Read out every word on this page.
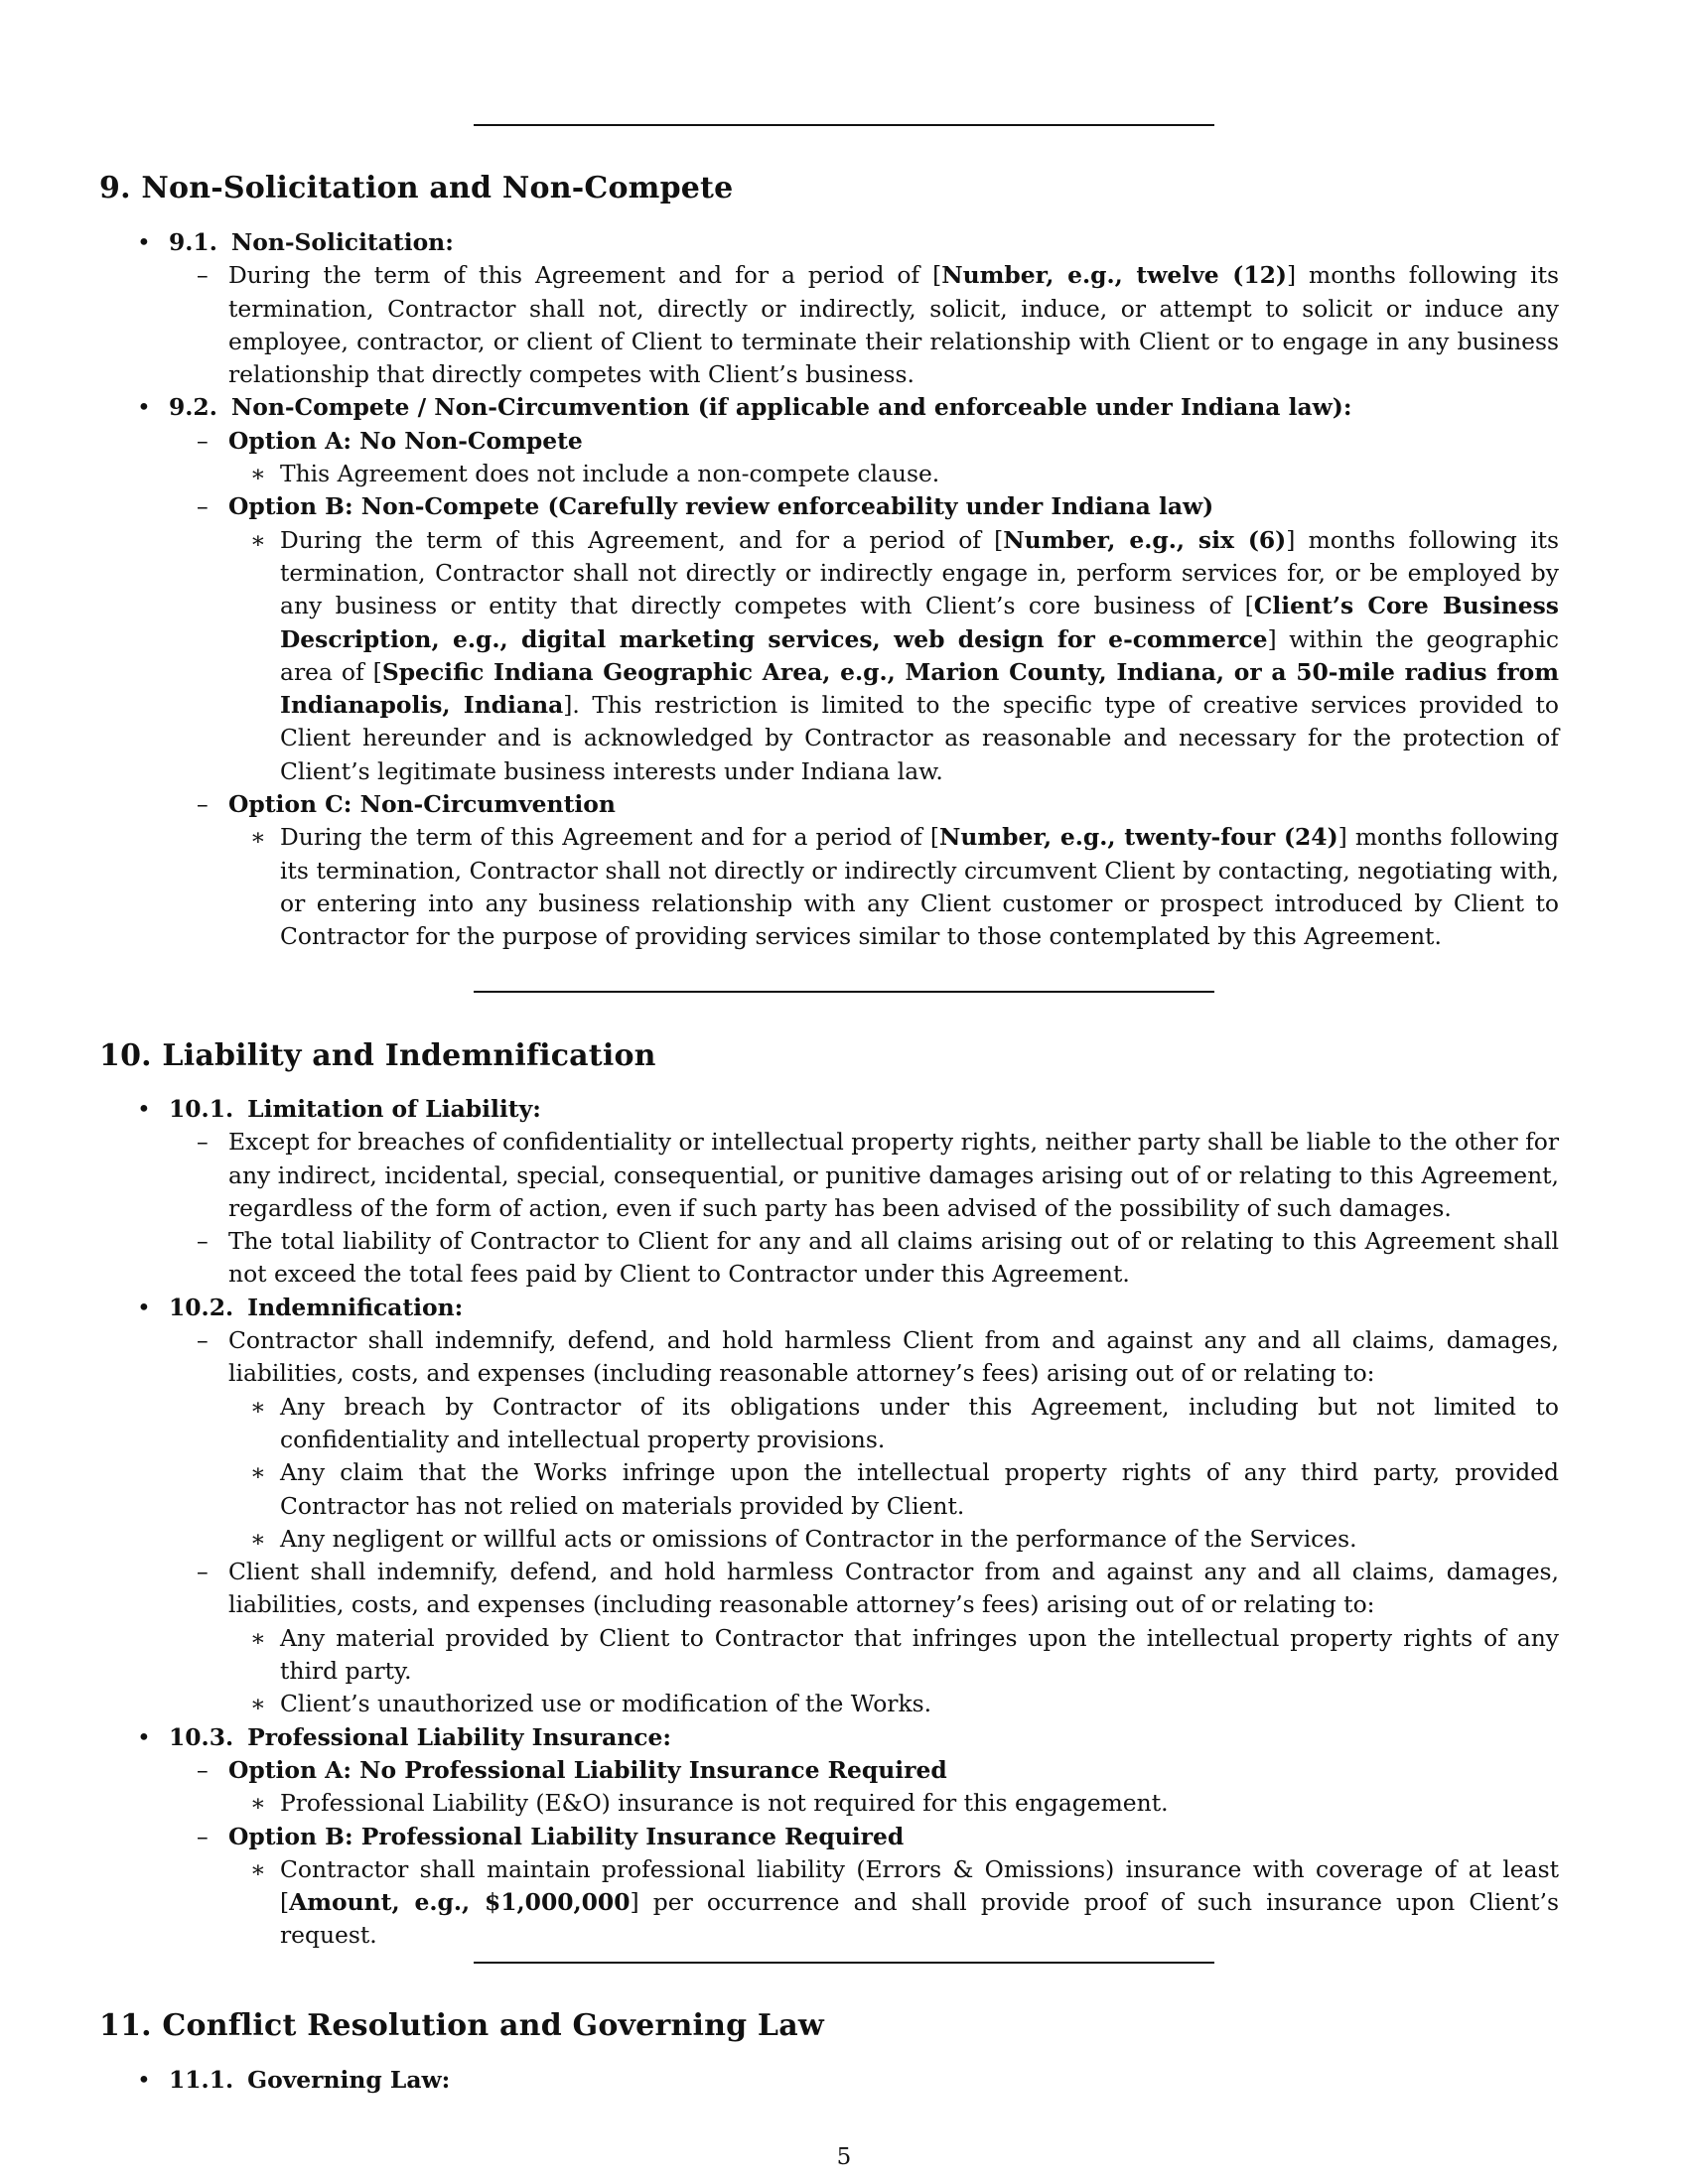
9. Non-Solicitation and Non-Compete
• 9.1. Non-Solicitation:
– During the term of this Agreement and for a period of [Number, e.g., twelve (12)] months following its termination, Contractor shall not, directly or indirectly, solicit, induce, or attempt to solicit or induce any employee, contractor, or client of Client to terminate their relationship with Client or to engage in any business relationship that directly competes with Client’s business.
• 9.2. Non-Compete / Non-Circumvention (if applicable and enforceable under Indiana law):
– Option A: No Non-Compete
∗ This Agreement does not include a non-compete clause.
– Option B: Non-Compete (Carefully review enforceability under Indiana law)
∗ During the term of this Agreement, and for a period of [Number, e.g., six (6)] months following its termination, Contractor shall not directly or indirectly engage in, perform services for, or be employed by any business or entity that directly competes with Client’s core business of [Client’s Core Business Description, e.g., digital marketing services, web design for e-commerce] within the geographic area of [Specific Indiana Geographic Area, e.g., Marion County, Indiana, or a 50-mile radius from Indianapolis, Indiana]. This restriction is limited to the specific type of creative services provided to Client hereunder and is acknowledged by Contractor as reasonable and necessary for the protection of Client’s legitimate business interests under Indiana law.
– Option C: Non-Circumvention
∗ During the term of this Agreement and for a period of [Number, e.g., twenty-four (24)] months following its termination, Contractor shall not directly or indirectly circumvent Client by contacting, negotiating with, or entering into any business relationship with any Client customer or prospect introduced by Client to Contractor for the purpose of providing services similar to those contemplated by this Agreement.
10. Liability and Indemnification
• 10.1. Limitation of Liability:
– Except for breaches of confidentiality or intellectual property rights, neither party shall be liable to the other for any indirect, incidental, special, consequential, or punitive damages arising out of or relating to this Agreement, regardless of the form of action, even if such party has been advised of the possibility of such damages.
– The total liability of Contractor to Client for any and all claims arising out of or relating to this Agreement shall not exceed the total fees paid by Client to Contractor under this Agreement.
• 10.2. Indemnification:
– Contractor shall indemnify, defend, and hold harmless Client from and against any and all claims, damages, liabilities, costs, and expenses (including reasonable attorney’s fees) arising out of or relating to:
∗ Any breach by Contractor of its obligations under this Agreement, including but not limited to confidentiality and intellectual property provisions.
∗ Any claim that the Works infringe upon the intellectual property rights of any third party, provided Contractor has not relied on materials provided by Client.
∗ Any negligent or willful acts or omissions of Contractor in the performance of the Services.
– Client shall indemnify, defend, and hold harmless Contractor from and against any and all claims, damages, liabilities, costs, and expenses (including reasonable attorney’s fees) arising out of or relating to:
∗ Any material provided by Client to Contractor that infringes upon the intellectual property rights of any third party.
∗ Client’s unauthorized use or modification of the Works.
• 10.3. Professional Liability Insurance:
– Option A: No Professional Liability Insurance Required
∗ Professional Liability (E&O) insurance is not required for this engagement.
– Option B: Professional Liability Insurance Required
∗ Contractor shall maintain professional liability (Errors & Omissions) insurance with coverage of at least [Amount, e.g., $1,000,000] per occurrence and shall provide proof of such insurance upon Client’s request.
11. Conflict Resolution and Governing Law
• 11.1. Governing Law:
5
